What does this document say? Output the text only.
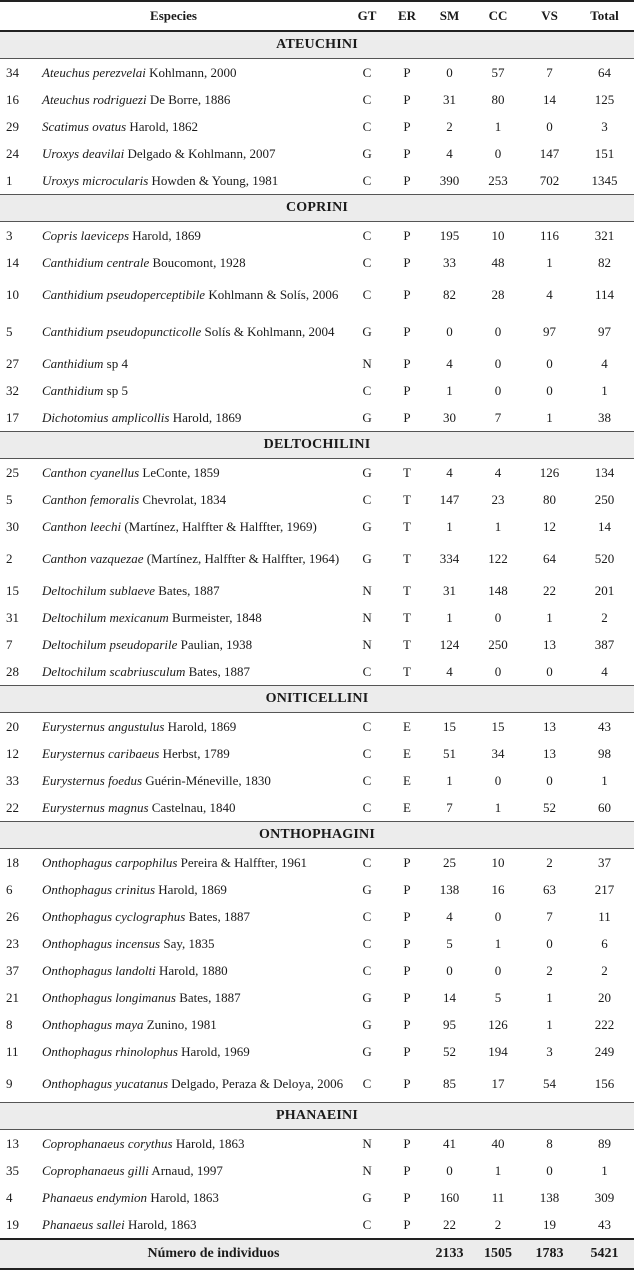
Especies		GT	ER	SM	CC	VS	Total
ATEUCHINI							
34	Ateuchus perezvelai Kohlmann, 2000	C	P	0	57	7	64
16	Ateuchus rodriguezi De Borre, 1886	C	P	31	80	14	125
29	Scatimus ovatus Harold, 1862	C	P	2	1	0	3
24	Uroxys deavilai Delgado & Kohlmann, 2007	G	P	4	0	147	151
1	Uroxys microcularis Howden & Young, 1981	C	P	390	253	702	1345
COPRINI							
3	Copris laeviceps Harold, 1869	C	P	195	10	116	321
14	Canthidium centrale Boucomont, 1928	C	P	33	48	1	82
10	Canthidium pseudoperceptibile Kohlmann & Solís, 2006	C	P	82	28	4	114
5	Canthidium pseudopuncticolle Solís & Kohlmann, 2004	G	P	0	0	97	97
27	Canthidium sp 4	N	P	4	0	0	4
32	Canthidium sp 5	C	P	1	0	0	1
17	Dichotomius amplicollis Harold, 1869	G	P	30	7	1	38
DELTOCHILINI							
25	Canthon cyanellus LeConte, 1859	G	T	4	4	126	134
5	Canthon femoralis Chevrolat, 1834	C	T	147	23	80	250
30	Canthon leechi (Martínez, Halffter & Halffter, 1969)	G	T	1	1	12	14
2	Canthon vazquezae (Martínez, Halffter & Halffter, 1964)	G	T	334	122	64	520
15	Deltochilum sublaeve Bates, 1887	N	T	31	148	22	201
31	Deltochilum mexicanum Burmeister, 1848	N	T	1	0	1	2
7	Deltochilum pseudoparile Paulian, 1938	N	T	124	250	13	387
28	Deltochilum scabriusculum Bates, 1887	C	T	4	0	0	4
ONITICELLINI							
20	Eurysternus angustulus Harold, 1869	C	E	15	15	13	43
12	Eurysternus caribaeus Herbst, 1789	C	E	51	34	13	98
33	Eurysternus foedus Guérin-Méneville, 1830	C	E	1	0	0	1
22	Eurysternus magnus Castelnau, 1840	C	E	7	1	52	60
ONTHOPHAGINI							
18	Onthophagus carpophilus Pereira & Halffter, 1961	C	P	25	10	2	37
6	Onthophagus crinitus Harold, 1869	G	P	138	16	63	217
26	Onthophagus cyclographus Bates, 1887	C	P	4	0	7	11
23	Onthophagus incensus Say, 1835	C	P	5	1	0	6
37	Onthophagus landolti Harold, 1880	C	P	0	0	2	2
21	Onthophagus longimanus Bates, 1887	G	P	14	5	1	20
8	Onthophagus maya Zunino, 1981	G	P	95	126	1	222
11	Onthophagus rhinolophus Harold, 1969	G	P	52	194	3	249
9	Onthophagus yucatanus Delgado, Peraza & Deloya, 2006	C	P	85	17	54	156
PHANAEINI							
13	Coprophanaeus corythus Harold, 1863	N	P	41	40	8	89
35	Coprophanaeus gilli Arnaud, 1997	N	P	0	1	0	1
4	Phanaeus endymion Harold, 1863	G	P	160	11	138	309
19	Phanaeus sallei Harold, 1863	C	P	22	2	19	43
Número de individuos				2133	1505	1783	5421
